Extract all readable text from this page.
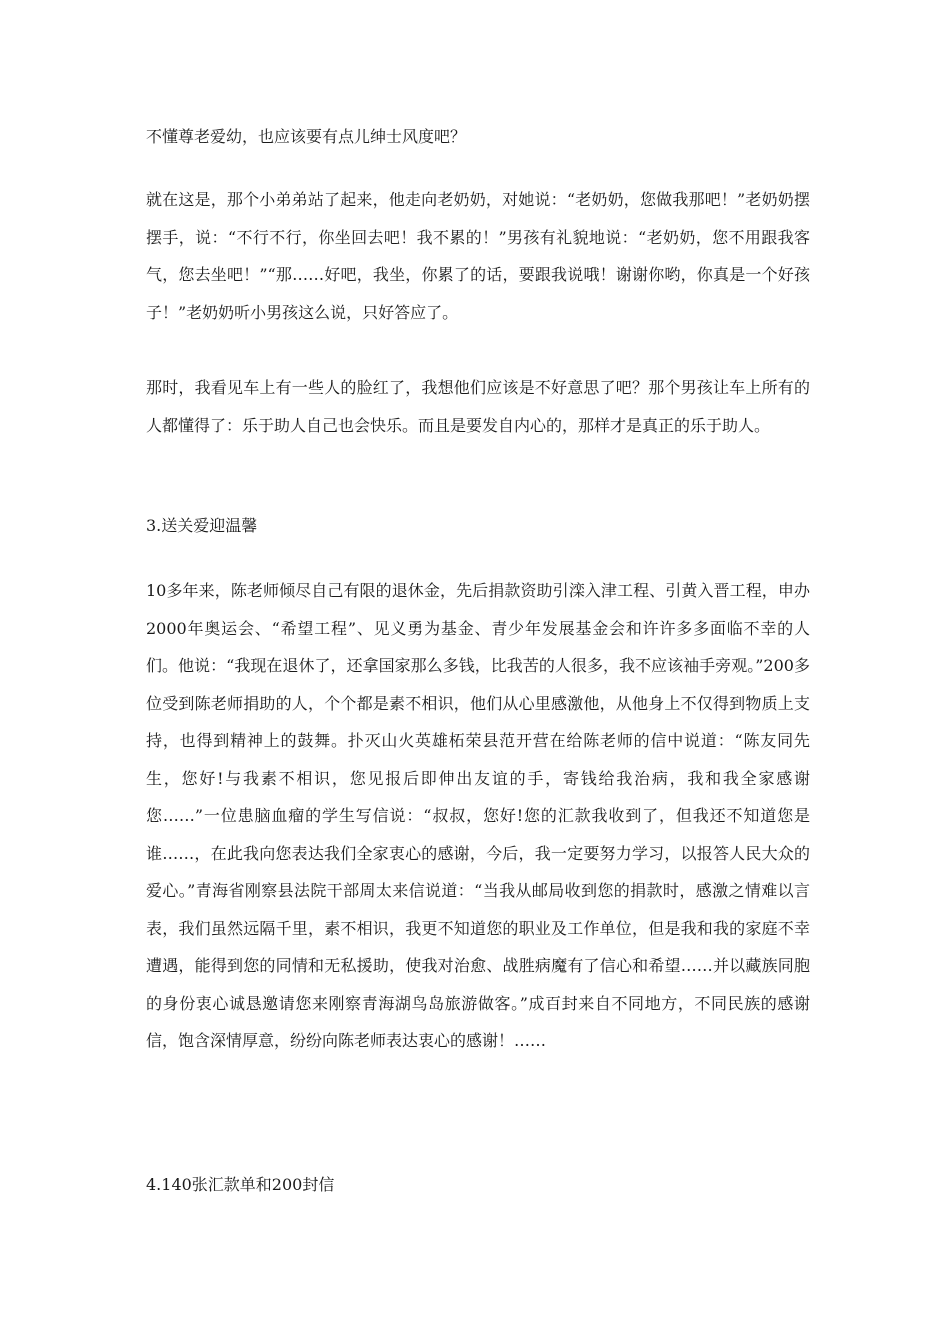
不懂尊老爱幼，也应该要有点儿绅士风度吧？

就在这是，那个小弟弟站了起来，他走向老奶奶，对她说：“老奶奶，您做我那吧！”老奶奶摆摆手，说：“不行不行，你坐回去吧！我不累的！”男孩有礼貌地说：“老奶奶，您不用跟我客气，您去坐吧！”“那……好吧，我坐，你累了的话，要跟我说哦！谢谢你哟，你真是一个好孩子！”老奶奶听小男孩这么说，只好答应了。

那时，我看见车上有一些人的脸红了，我想他们应该是不好意思了吧？那个男孩让车上所有的人都懂得了：乐于助人自己也会快乐。而且是要发自内心的，那样才是真正的乐于助人。

3.送关爱迎温馨

10多年来，陈老师倾尽自己有限的退休金，先后捐款资助引滦入津工程、引黄入晋工程，申办2000年奥运会、“希望工程”、见义勇为基金、青少年发展基金会和许许多多面临不幸的人们。他说：“我现在退休了，还拿国家那么多钱，比我苦的人很多，我不应该袖手旁观。”200多位受到陈老师捐助的人，个个都是素不相识，他们从心里感激他，从他身上不仅得到物质上支持，也得到精神上的鼓舞。扑灭山火英雄柘荣县范开营在给陈老师的信中说道：“陈友同先生，您好!与我素不相识，您见报后即伸出友谊的手，寄钱给我治病，我和我全家感谢您……”一位患脑血瘤的学生写信说：“叔叔，您好!您的汇款我收到了，但我还不知道您是谁……，在此我向您表达我们全家衷心的感谢，今后，我一定要努力学习，以报答人民大众的爱心。”青海省刚察县法院干部周太来信说道：“当我从邮局收到您的捐款时，感激之情难以言表，我们虽然远隔千里，素不相识，我更不知道您的职业及工作单位，但是我和我的家庭不幸遭遇，能得到您的同情和无私援助，使我对治愈、战胜病魔有了信心和希望……并以藏族同胞的身份衷心诚恳邀请您来刚察青海湖鸟岛旅游做客。”成百封来自不同地方，不同民族的感谢信，饱含深情厚意，纷纷向陈老师表达衷心的感谢！……

4.140张汇款单和200封信
